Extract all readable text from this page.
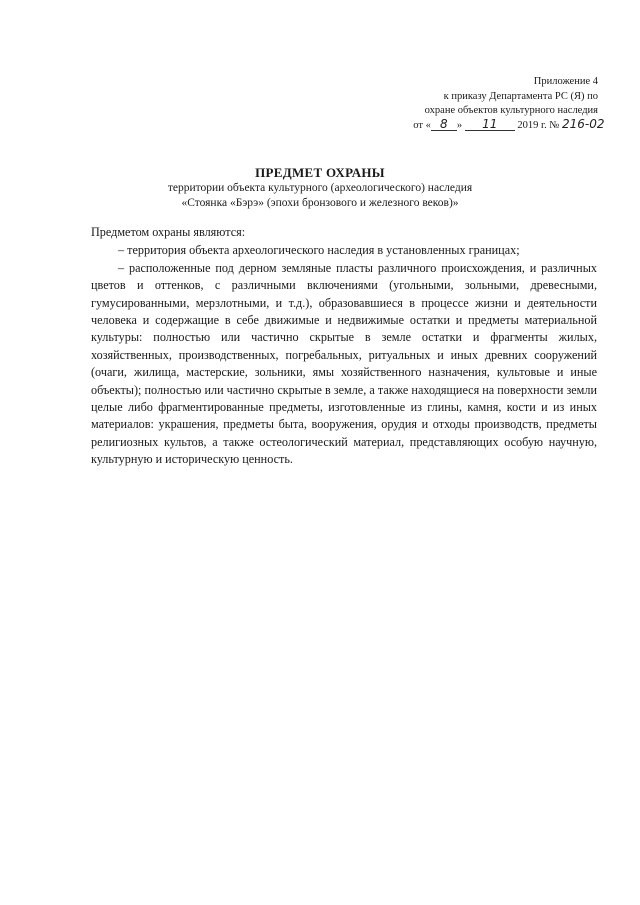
Приложение 4
к приказу Департамента РС (Я) по
охране объектов культурного наследия
от « 8 » 11 2019 г. № 216-02
ПРЕДМЕТ ОХРАНЫ
территории объекта культурного (археологического) наследия
«Стоянка «Бэрэ» (эпохи бронзового и железного веков)»

Предметом охраны являются:

– территория объекта археологического наследия в установленных границах;

– расположенные под дерном земляные пласты различного происхождения, и различных цветов и оттенков, с различными включениями (угольными, зольными, древесными, гумусированными, мерзлотными, и т.д.), образовавшиеся в процессе жизни и деятельности человека и содержащие в себе движимые и недвижимые остатки и предметы материальной культуры: полностью или частично скрытые в земле остатки и фрагменты жилых, хозяйственных, производственных, погребальных, ритуальных и иных древних сооружений (очаги, жилища, мастерские, зольники, ямы хозяйственного назначения, культовые и иные объекты); полностью или частично скрытые в земле, а также находящиеся на поверхности земли целые либо фрагментированные предметы, изготовленные из глины, камня, кости и из иных материалов: украшения, предметы быта, вооружения, орудия и отходы производств, предметы религиозных культов, а также остеологический материал, представляющих особую научную, культурную и историческую ценность.
